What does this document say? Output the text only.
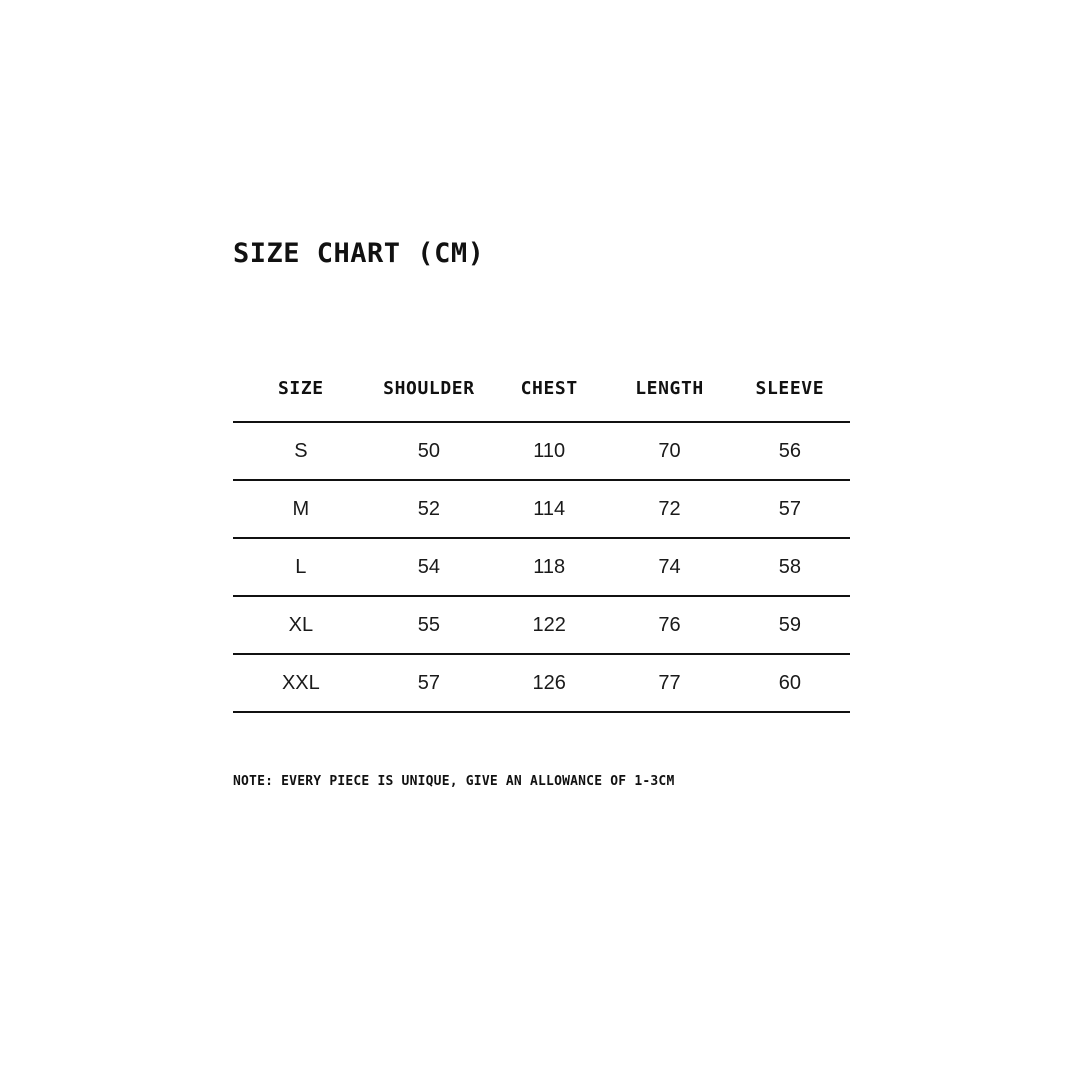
SIZE CHART (CM)
SIZE	SHOULDER	CHEST	LENGTH	SLEEVE
S	50	110	70	56
M	52	114	72	57
L	54	118	74	58
XL	55	122	76	59
XXL	57	126	77	60
NOTE: EVERY PIECE IS UNIQUE, GIVE AN ALLOWANCE OF 1-3CM
